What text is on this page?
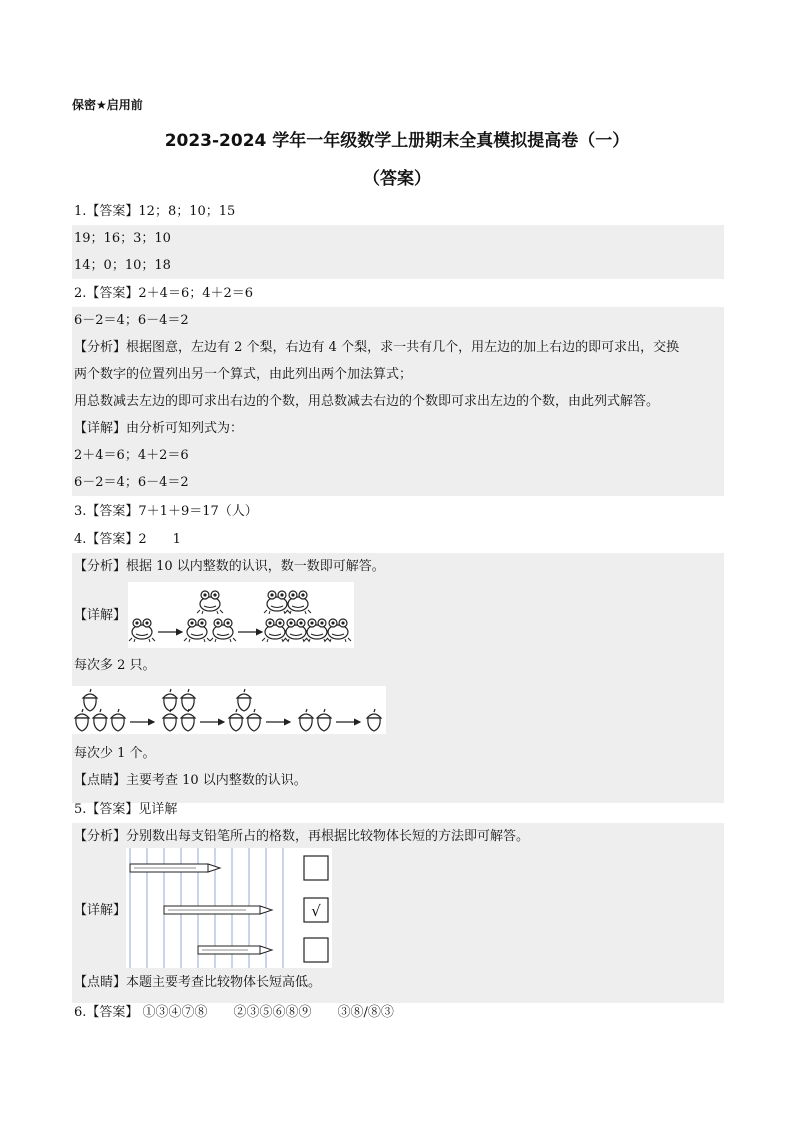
保密★启用前
2023-2024 学年一年级数学上册期末全真模拟提高卷（一）
（答案）
1.【答案】12；8；10；15
19；16；3；10
14；0；10；18
2.【答案】2＋4＝6；4＋2＝6
6－2＝4；6－4＝2
【分析】根据图意，左边有 2 个梨，右边有 4 个梨，求一共有几个，用左边的加上右边的即可求出，交换
两个数字的位置列出另一个算式，由此列出两个加法算式；
用总数减去左边的即可求出右边的个数，用总数减去右边的个数即可求出左边的个数，由此列式解答。
【详解】由分析可知列式为：
2＋4＝6；4＋2＝6
6－2＝4；6－4＝2
3.【答案】7＋1＋9＝17（人）
4.【答案】2　　1
【分析】根据 10 以内整数的认识，数一数即可解答。
【详解】
每次多 2 只。
每次少 1 个。
【点睛】主要考查 10 以内整数的认识。
5.【答案】见详解
【分析】分别数出每支铅笔所占的格数，再根据比较物体长短的方法即可解答。
【详解】	√
【点睛】本题主要考查比较物体长短高低。
6.【答案】 ①③④⑦⑧　　②③⑤⑥⑧⑨　　③⑧/⑧③
